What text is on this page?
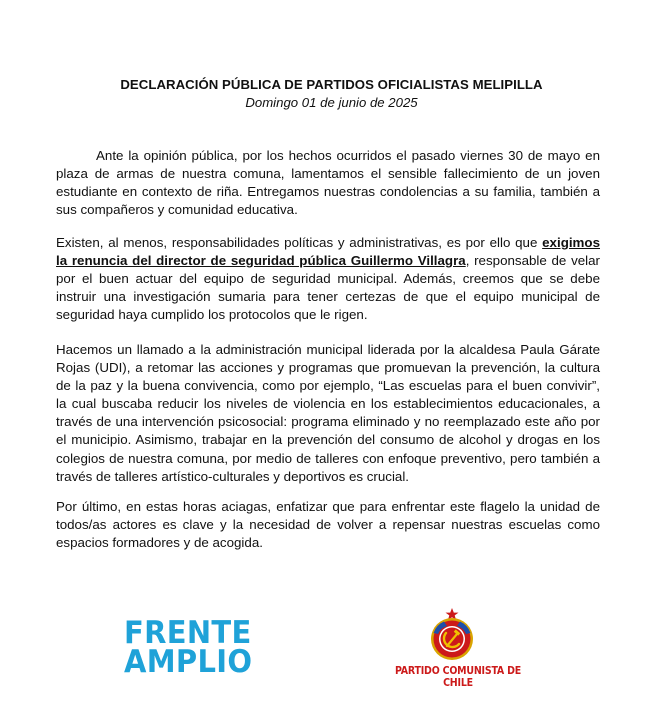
DECLARACIÓN PÚBLICA DE PARTIDOS OFICIALISTAS MELIPILLA
Domingo 01 de junio de 2025

Ante la opinión pública, por los hechos ocurridos el pasado viernes 30 de mayo en plaza de armas de nuestra comuna, lamentamos el sensible fallecimiento de un joven estudiante en contexto de riña. Entregamos nuestras condolencias a su familia, también a sus compañeros y comunidad educativa.

Existen, al menos, responsabilidades políticas y administrativas, es por ello que exigimos la renuncia del director de seguridad pública Guillermo Villagra, responsable de velar por el buen actuar del equipo de seguridad municipal. Además, creemos que se debe instruir una investigación sumaria para tener certezas de que el equipo municipal de seguridad haya cumplido los protocolos que le rigen.

Hacemos un llamado a la administración municipal liderada por la alcaldesa Paula Gárate Rojas (UDI), a retomar las acciones y programas que promuevan la prevención, la cultura de la paz y la buena convivencia, como por ejemplo, “Las escuelas para el buen convivir”, la cual buscaba reducir los niveles de violencia en los establecimientos educacionales, a través de una intervención psicosocial: programa eliminado y no reemplazado este año por el municipio. Asimismo, trabajar en la prevención del consumo de alcohol y drogas en los colegios de nuestra comuna, por medio de talleres con enfoque preventivo, pero también a través de talleres artístico-culturales y deportivos es crucial.

Por último, en estas horas aciagas, enfatizar que para enfrentar este flagelo la unidad de todos/as actores es clave y la necesidad de volver a repensar nuestras escuelas como espacios formadores y de acogida.

FRENTE
AMPLIO	PARTIDO COMUNISTA DE CHILE
